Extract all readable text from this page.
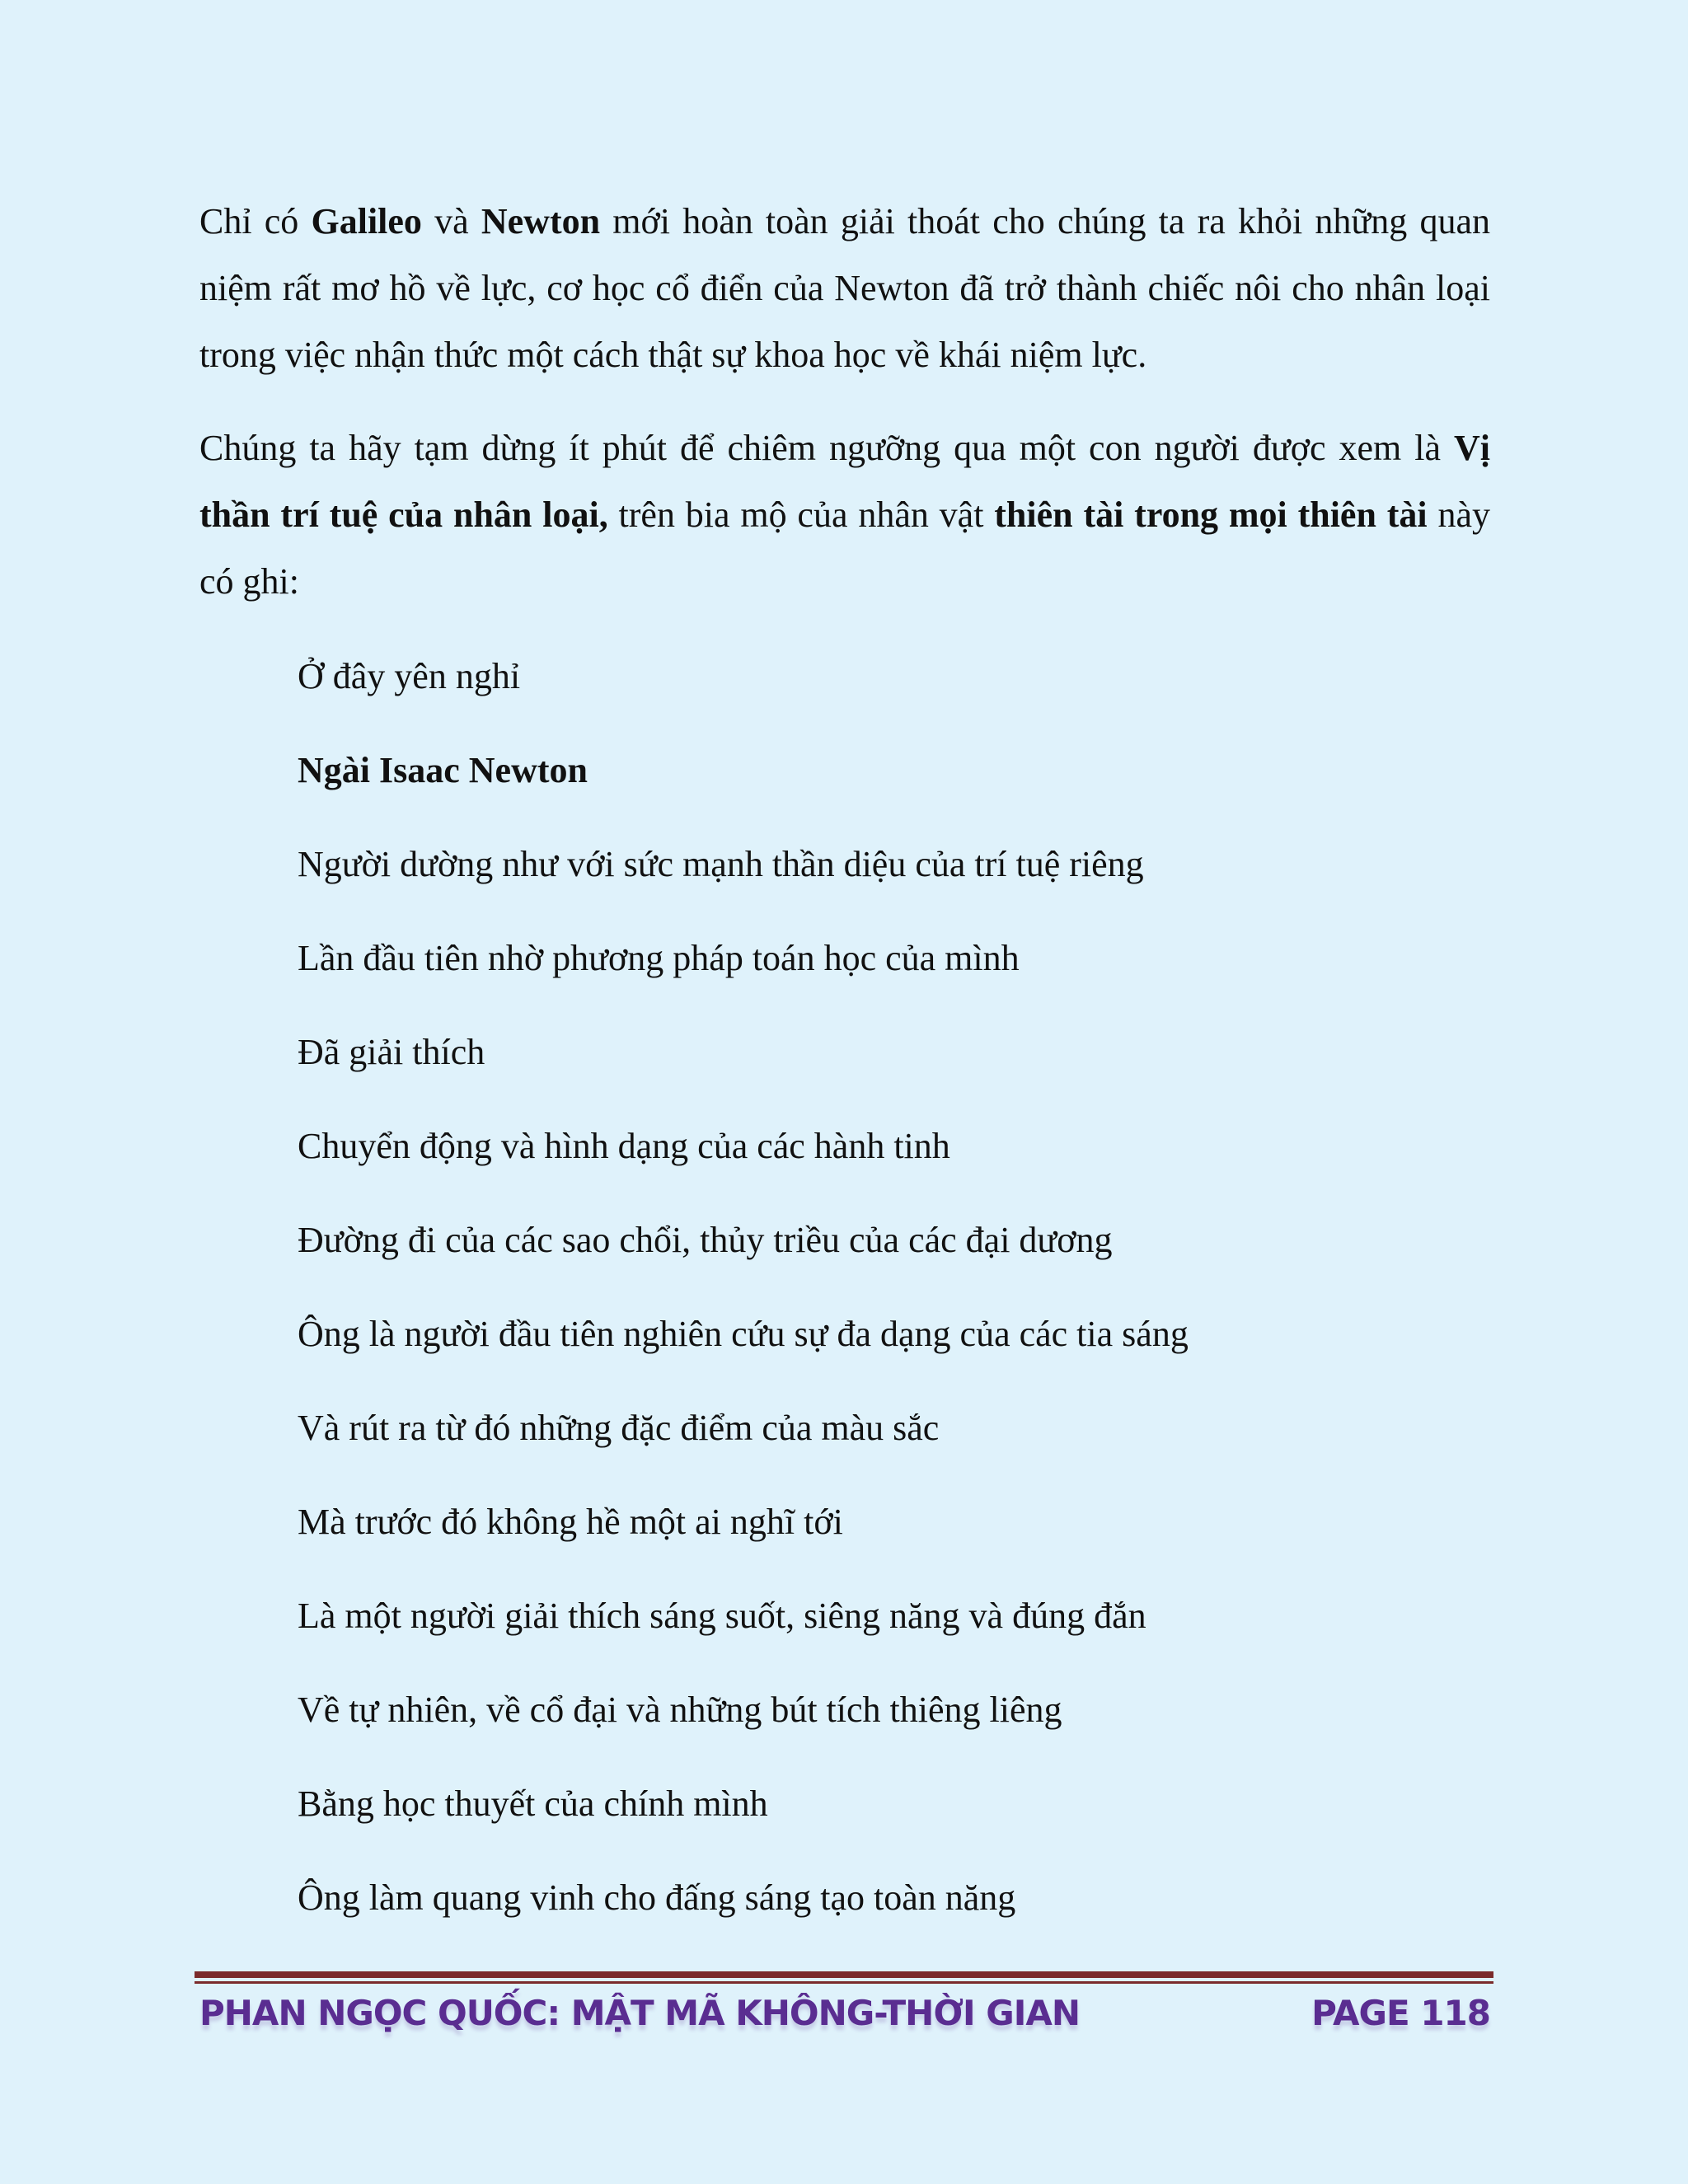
Chỉ có Galileo và Newton mới hoàn toàn giải thoát cho chúng ta ra khỏi những quan niệm rất mơ hồ về lực, cơ học cổ điển của Newton đã trở thành chiếc nôi cho nhân loại trong việc nhận thức một cách thật sự khoa học về khái niệm lực.

Chúng ta hãy tạm dừng ít phút để chiêm ngưỡng qua một con người được xem là Vị thần trí tuệ của nhân loại, trên bia mộ của nhân vật thiên tài trong mọi thiên tài này có ghi:

Ở đây yên nghỉ
Ngài Isaac Newton
Người dường như với sức mạnh thần diệu của trí tuệ riêng
Lần đầu tiên nhờ phương pháp toán học của mình
Đã giải thích
Chuyển động và hình dạng của các hành tinh
Đường đi của các sao chổi, thủy triều của các đại dương
Ông là người đầu tiên nghiên cứu sự đa dạng của các tia sáng
Và rút ra từ đó những đặc điểm của màu sắc
Mà trước đó không hề một ai nghĩ tới
Là một người giải thích sáng suốt, siêng năng và đúng đắn
Về tự nhiên, về cổ đại và những bút tích thiêng liêng
Bằng học thuyết của chính mình
Ông làm quang vinh cho đấng sáng tạo toàn năng
PHAN NGỌC QUỐC: MẬT MÃ KHÔNG-THỜI GIAN	PAGE 118
